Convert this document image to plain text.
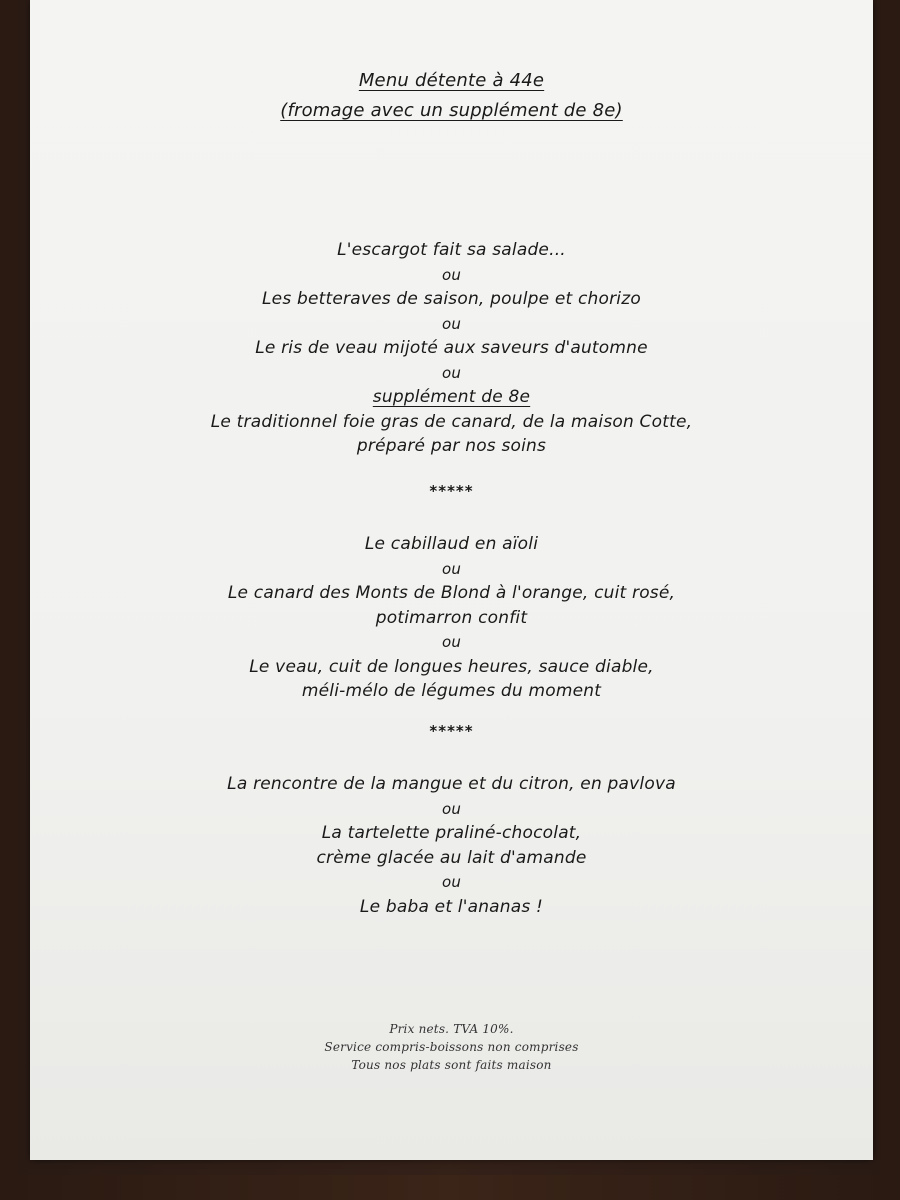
Menu détente à 44e
(fromage avec un supplément de 8e)
L'escargot fait sa salade...
ou
Les betteraves de saison, poulpe et chorizo
ou
Le ris de veau mijoté aux saveurs d'automne
ou
supplément de 8e
Le traditionnel foie gras de canard, de la maison Cotte,
préparé par nos soins
*****
Le cabillaud en aïoli
ou
Le canard des Monts de Blond à l'orange, cuit rosé,
potimarron confit
ou
Le veau, cuit de longues heures, sauce diable,
méli-mélo de légumes du moment
*****
La rencontre de la mangue et du citron, en pavlova
ou
La tartelette praliné-chocolat,
crème glacée au lait d'amande
ou
Le baba et l'ananas !
Prix nets. TVA 10%.
Service compris-boissons non comprises
Tous nos plats sont faits maison
